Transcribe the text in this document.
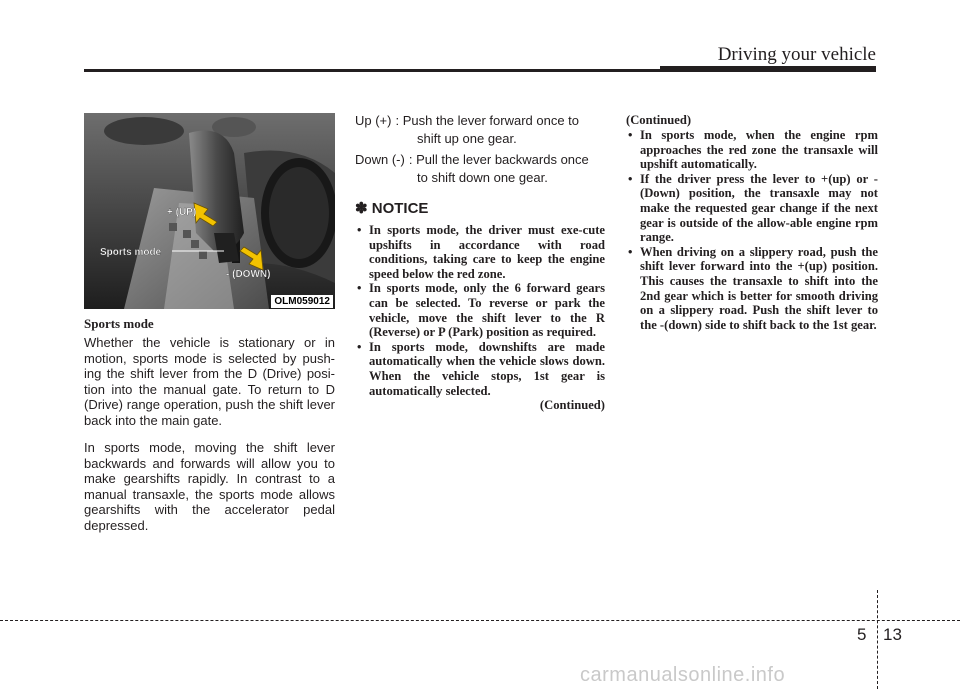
Driving your vehicle
+ (UP)
- (DOWN)
Sports mode
OLM059012
Sports mode

Whether the vehicle is stationary or in motion, sports mode is selected by push-ing the shift lever from the D (Drive) posi-tion into the manual gate. To return to D (Drive) range operation, push the shift lever back into the main gate.

In sports mode, moving the shift lever backwards and forwards will allow you to make gearshifts rapidly. In contrast to a manual transaxle, the sports mode allows gearshifts with the accelerator pedal depressed.

Up (+) : Push the lever forward once to
shift up one gear.
Down (-) : Pull the lever backwards once
to shift down one gear.
✽ NOTICE
• In sports mode, the driver must exe-cute upshifts in accordance with road conditions, taking care to keep the engine speed below the red zone.
• In sports mode, only the 6 forward gears can be selected. To reverse or park the vehicle, move the shift lever to the R (Reverse) or P (Park) position as required.
• In sports mode, downshifts are made automatically when the vehicle slows down. When the vehicle stops, 1st gear is automatically selected.
(Continued)
(Continued)
• In sports mode, when the engine rpm approaches the red zone the transaxle will upshift automatically.
• If the driver press the lever to +(up) or -(Down) position, the transaxle may not make the requested gear change if the next gear is outside of the allow-able engine rpm range.
• When driving on a slippery road, push the shift lever forward into the +(up) position. This causes the transaxle to shift into the 2nd gear which is better for smooth driving on a slippery road. Push the shift lever to the -(down) side to shift back to the 1st gear.
5 13
carmanualsonline.info
